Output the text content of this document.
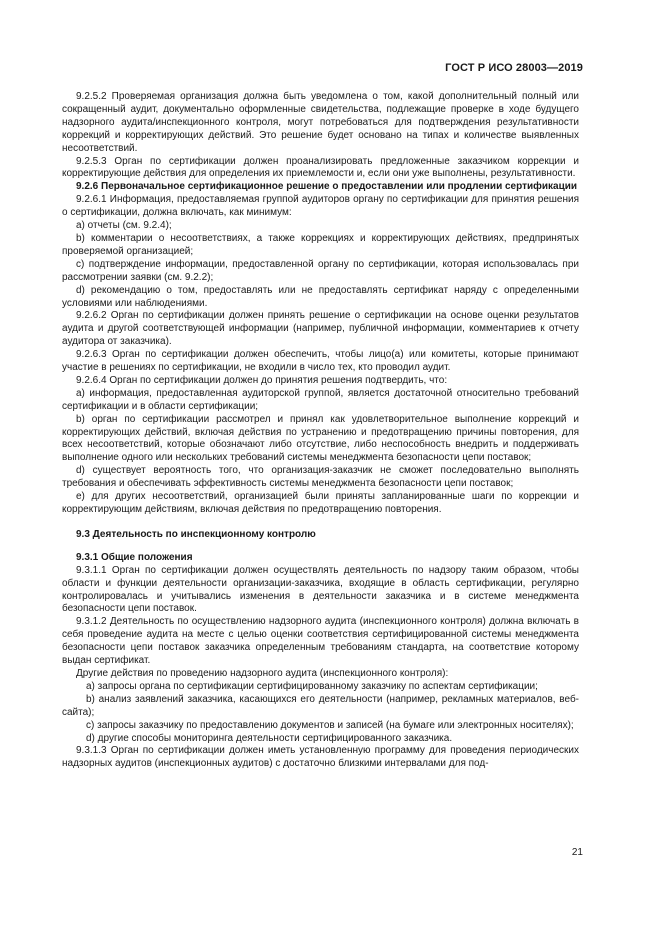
ГОСТ Р ИСО 28003—2019

9.2.5.2 Проверяемая организация должна быть уведомлена о том, какой дополнительный полный или сокращенный аудит, документально оформленные свидетельства, подлежащие проверке в ходе будущего надзорного аудита/инспекционного контроля, могут потребоваться для подтверждения результативности коррекций и корректирующих действий. Это решение будет основано на типах и количестве выявленных несоответствий.

9.2.5.3 Орган по сертификации должен проанализировать предложенные заказчиком коррекции и корректирующие действия для определения их приемлемости и, если они уже выполнены, результативности.

9.2.6 Первоначальное сертификационное решение о предоставлении или продлении сертификации

9.2.6.1 Информация, предоставляемая группой аудиторов органу по сертификации для принятия решения о сертификации, должна включать, как минимум:

a) отчеты (см. 9.2.4);

b) комментарии о несоответствиях, а также коррекциях и корректирующих действиях, предпринятых проверяемой организацией;

c) подтверждение информации, предоставленной органу по сертификации, которая использовалась при рассмотрении заявки (см. 9.2.2);

d) рекомендацию о том, предоставлять или не предоставлять сертификат наряду с определенными условиями или наблюдениями.

9.2.6.2 Орган по сертификации должен принять решение о сертификации на основе оценки результатов аудита и другой соответствующей информации (например, публичной информации, комментариев к отчету аудитора от заказчика).

9.2.6.3 Орган по сертификации должен обеспечить, чтобы лицо(а) или комитеты, которые принимают участие в решениях по сертификации, не входили в число тех, кто проводил аудит.

9.2.6.4 Орган по сертификации должен до принятия решения подтвердить, что:

a) информация, предоставленная аудиторской группой, является достаточной относительно требований сертификации и в области сертификации;

b) орган по сертификации рассмотрел и принял как удовлетворительное выполнение коррекций и корректирующих действий, включая действия по устранению и предотвращению причины повторения, для всех несоответствий, которые обозначают либо отсутствие, либо неспособность внедрить и поддерживать выполнение одного или нескольких требований системы менеджмента безопасности цепи поставок;

d) существует вероятность того, что организация-заказчик не сможет последовательно выполнять требования и обеспечивать эффективность системы менеджмента безопасности цепи поставок;

e) для других несоответствий, организацией были приняты запланированные шаги по коррекции и корректирующим действиям, включая действия по предотвращению повторения.

9.3 Деятельность по инспекционному контролю

9.3.1 Общие положения

9.3.1.1 Орган по сертификации должен осуществлять деятельность по надзору таким образом, чтобы области и функции деятельности организации-заказчика, входящие в область сертификации, регулярно контролировалась и учитывались изменения в деятельности заказчика и в системе менеджмента безопасности цепи поставок.

9.3.1.2 Деятельность по осуществлению надзорного аудита (инспекционного контроля) должна включать в себя проведение аудита на месте с целью оценки соответствия сертифицированной системы менеджмента безопасности цепи поставок заказчика определенным требованиям стандарта, на соответствие которому выдан сертификат.

Другие действия по проведению надзорного аудита (инспекционного контроля):

a) запросы органа по сертификации сертифицированному заказчику по аспектам сертификации;

b) анализ заявлений заказчика, касающихся его деятельности (например, рекламных материалов, веб-сайта);

c) запросы заказчику по предоставлению документов и записей (на бумаге или электронных носителях);

d) другие способы мониторинга деятельности сертифицированного заказчика.

9.3.1.3 Орган по сертификации должен иметь установленную программу для проведения периодических надзорных аудитов (инспекционных аудитов) с достаточно близкими интервалами для под-

21
